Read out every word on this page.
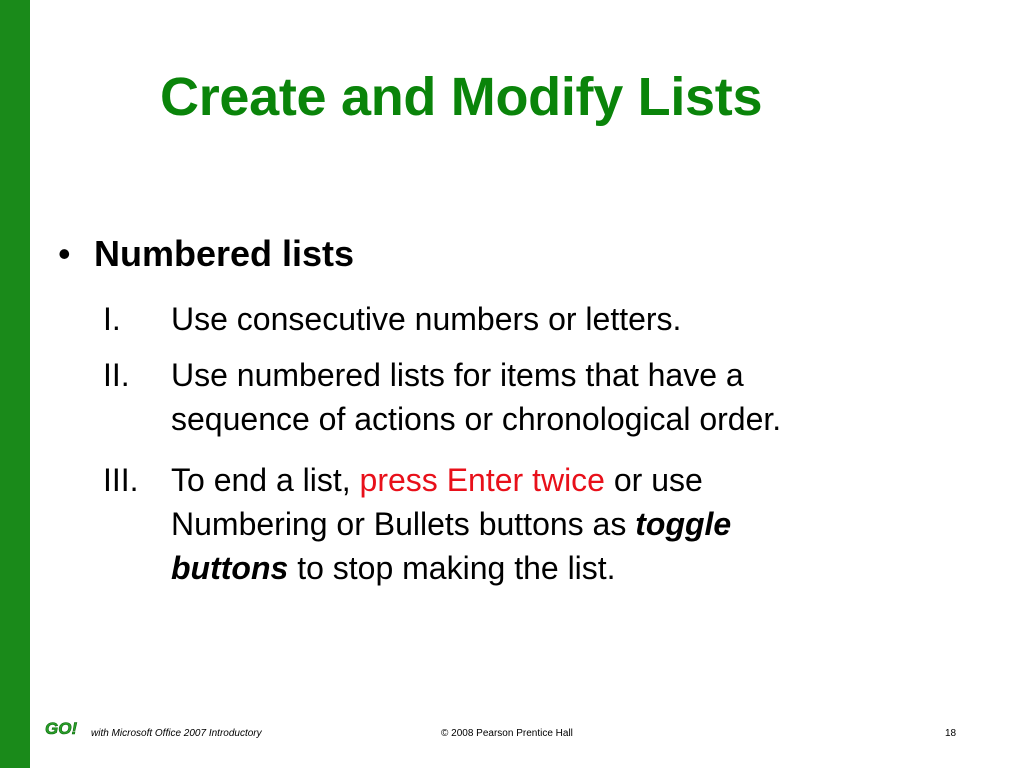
Create and Modify Lists
• Numbered lists
I. Use consecutive numbers or letters.
II. Use numbered lists for items that have a
sequence of actions or chronological order.
III. To end a list, press Enter twice or use
Numbering or Bullets buttons as toggle
buttons to stop making the list.
GO! with Microsoft Office 2007 Introductory	© 2008 Pearson Prentice Hall	18
